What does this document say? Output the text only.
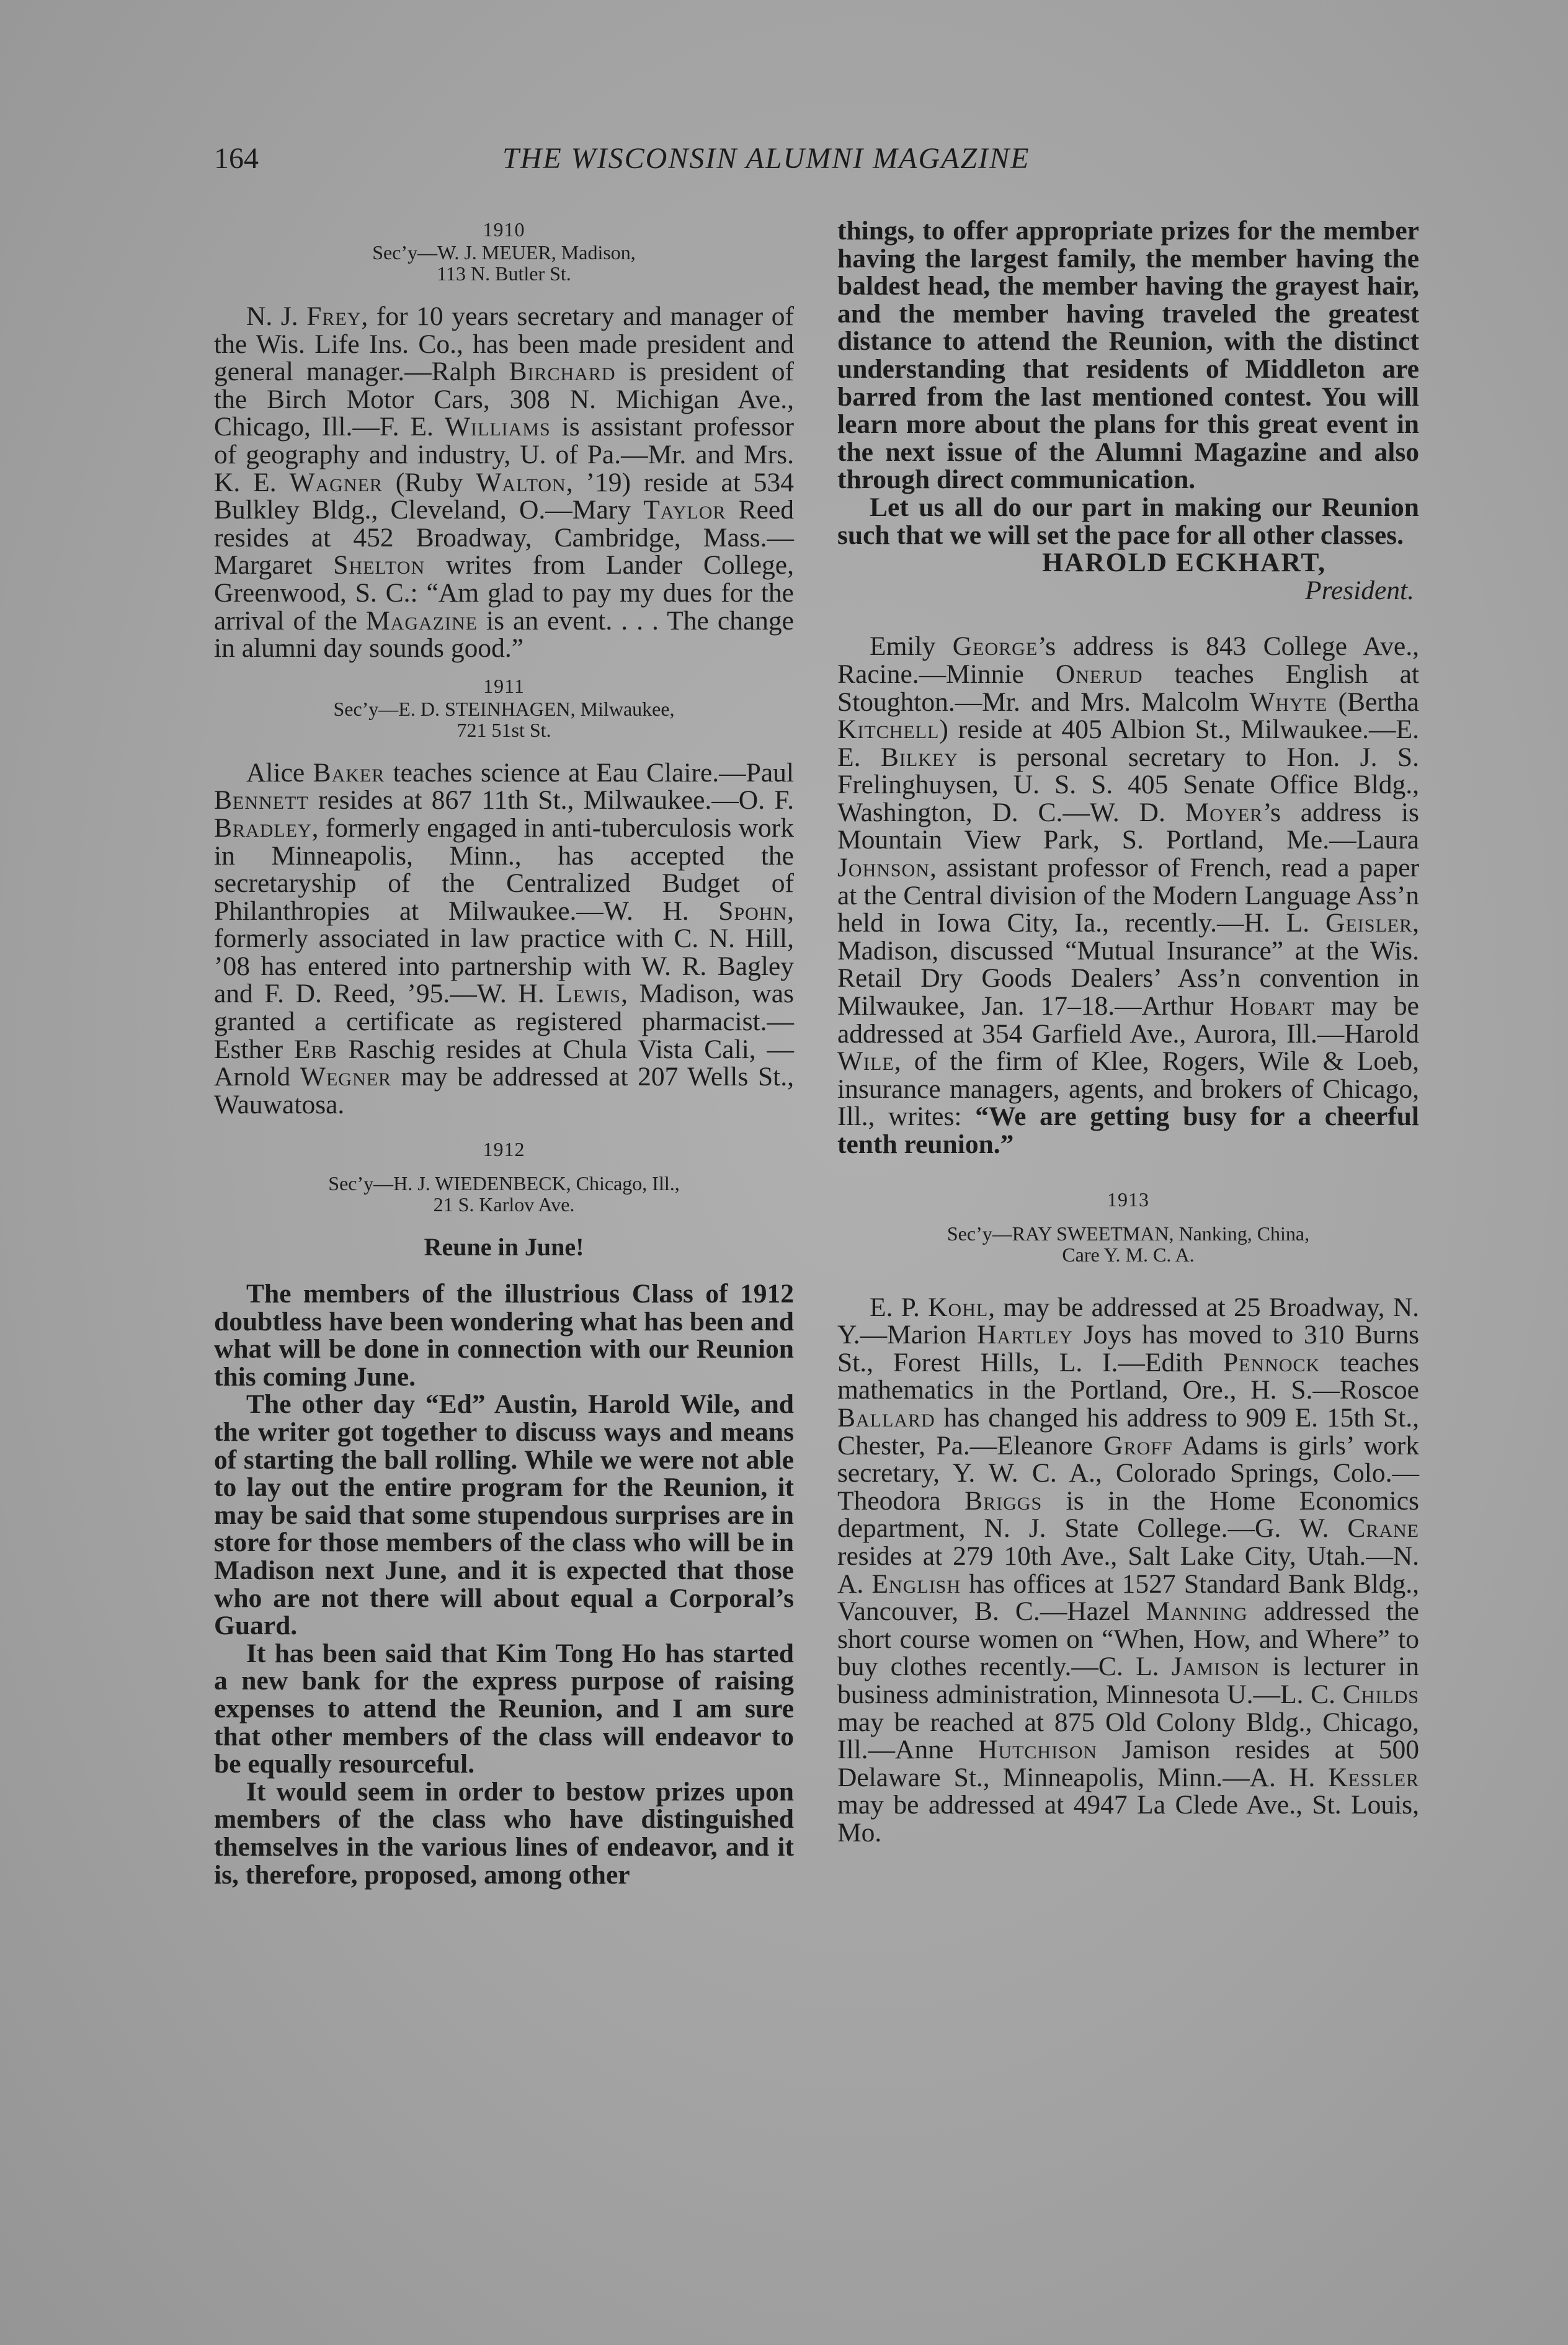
164	THE WISCONSIN ALUMNI MAGAZINE
1910
Sec’y—W. J. MEUER, Madison,
113 N. Butler St.

N. J. Frey, for 10 years secretary and manager of the Wis. Life Ins. Co., has been made president and general manager.—Ralph Birchard is president of the Birch Motor Cars, 308 N. Michigan Ave., Chicago, Ill.—F. E. Williams is assistant professor of geography and industry, U. of Pa.—Mr. and Mrs. K. E. Wagner (Ruby Walton, ’19) reside at 534 Bulkley Bldg., Cleveland, O.—Mary Taylor Reed resides at 452 Broadway, Cambridge, Mass.—Margaret Shelton writes from Lander College, Greenwood, S. C.: “Am glad to pay my dues for the arrival of the Magazine is an event. . . . The change in alumni day sounds good.”

1911
Sec’y—E. D. STEINHAGEN, Milwaukee,
721 51st St.

Alice Baker teaches science at Eau Claire.—Paul Bennett resides at 867 11th St., Milwaukee.—O. F. Bradley, formerly engaged in anti-tuberculosis work in Minneapolis, Minn., has accepted the secretaryship of the Centralized Budget of Philanthropies at Milwaukee.—W. H. Spohn, formerly associated in law practice with C. N. Hill, ’08 has entered into partnership with W. R. Bagley and F. D. Reed, ’95.—W. H. Lewis, Madison, was granted a certificate as registered pharmacist.—Esther Erb Raschig resides at Chula Vista Cali, —Arnold Wegner may be addressed at 207 Wells St., Wauwatosa.

1912
Sec’y—H. J. WIEDENBECK, Chicago, Ill.,
21 S. Karlov Ave.
Reune in June!

The members of the illustrious Class of 1912 doubtless have been wondering what has been and what will be done in connection with our Reunion this coming June.

The other day “Ed” Austin, Harold Wile, and the writer got together to discuss ways and means of starting the ball rolling. While we were not able to lay out the entire program for the Reunion, it may be said that some stupendous surprises are in store for those members of the class who will be in Madison next June, and it is expected that those who are not there will about equal a Corporal’s Guard.

It has been said that Kim Tong Ho has started a new bank for the express purpose of raising expenses to attend the Reunion, and I am sure that other members of the class will endeavor to be equally resourceful.

It would seem in order to bestow prizes upon members of the class who have distinguished themselves in the various lines of endeavor, and it is, therefore, proposed, among other

things, to offer appropriate prizes for the member having the largest family, the member having the baldest head, the member having the grayest hair, and the member having traveled the greatest distance to attend the Reunion, with the distinct understanding that residents of Middleton are barred from the last mentioned contest. You will learn more about the plans for this great event in the next issue of the Alumni Magazine and also through direct communication.

Let us all do our part in making our Reunion such that we will set the pace for all other classes.

HAROLD ECKHART,
President.

Emily George’s address is 843 College Ave., Racine.—Minnie Onerud teaches English at Stoughton.—Mr. and Mrs. Malcolm Whyte (Bertha Kitchell) reside at 405 Albion St., Milwaukee.—E. E. Bilkey is personal secretary to Hon. J. S. Frelinghuysen, U. S. S. 405 Senate Office Bldg., Washington, D. C.—W. D. Moyer’s address is Mountain View Park, S. Portland, Me.—Laura Johnson, assistant professor of French, read a paper at the Central division of the Modern Language Ass’n held in Iowa City, Ia., recently.—H. L. Geisler, Madison, discussed “Mutual Insurance” at the Wis. Retail Dry Goods Dealers’ Ass’n convention in Milwaukee, Jan. 17–18.—Arthur Hobart may be addressed at 354 Garfield Ave., Aurora, Ill.—Harold Wile, of the firm of Klee, Rogers, Wile & Loeb, insurance managers, agents, and brokers of Chicago, Ill., writes: “We are getting busy for a cheerful tenth reunion.”

1913
Sec’y—RAY SWEETMAN, Nanking, China,
Care Y. M. C. A.

E. P. Kohl, may be addressed at 25 Broadway, N. Y.—Marion Hartley Joys has moved to 310 Burns St., Forest Hills, L. I.—Edith Pennock teaches mathematics in the Portland, Ore., H. S.—Roscoe Ballard has changed his address to 909 E. 15th St., Chester, Pa.—Eleanore Groff Adams is girls’ work secretary, Y. W. C. A., Colorado Springs, Colo.—Theodora Briggs is in the Home Economics department, N. J. State College.—G. W. Crane resides at 279 10th Ave., Salt Lake City, Utah.—N. A. English has offices at 1527 Standard Bank Bldg., Vancouver, B. C.—Hazel Manning addressed the short course women on “When, How, and Where” to buy clothes recently.—C. L. Jamison is lecturer in business administration, Minnesota U.—L. C. Childs may be reached at 875 Old Colony Bldg., Chicago, Ill.—Anne Hutchison Jamison resides at 500 Delaware St., Minneapolis, Minn.—A. H. Kessler may be addressed at 4947 La Clede Ave., St. Louis, Mo.
